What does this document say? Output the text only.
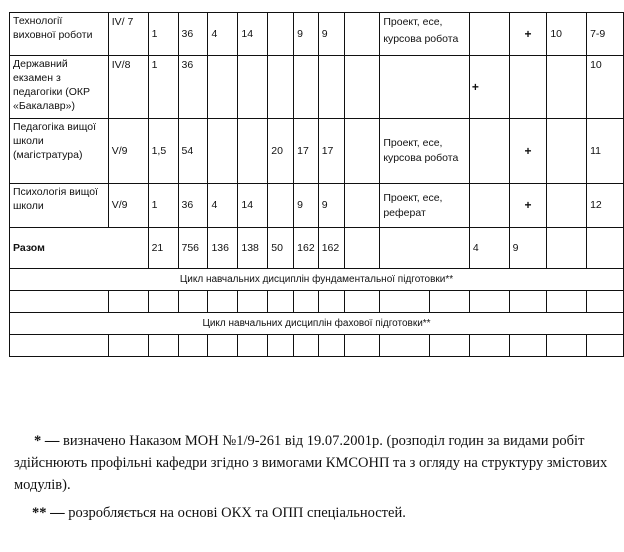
Технології виховної роботи	IV/ 7	1	36	4	14		9	9		Проект, есе, курсова робота			+	10	7-9
Державний екзамен з педагогіки (ОКР «Бакалавр»)	IV/8	1	36									+			10
Педагогіка вищої школи (магістратура)	V/9	1,5	54			20	17	17		Проект, есе, курсова робота			+		11
Психологія вищої школи	V/9	1	36	4	14		9	9		Проект, есе, реферат			+		12
Разом		21	756	136	138	50	162	162				4	9		
Цикл навчальних дисциплін фундаментальної підготовки**															

Цикл навчальних дисциплін фахової підготовки**															

* — визначено Наказом МОН №1/9-261 від 19.07.2001р. (розподіл годин за видами робіт здійснюють профільні кафедри згідно з вимогами КМСОНП та з огляду на структуру змістових модулів).

** — розробляється на основі ОКХ та ОПП спеціальностей.
